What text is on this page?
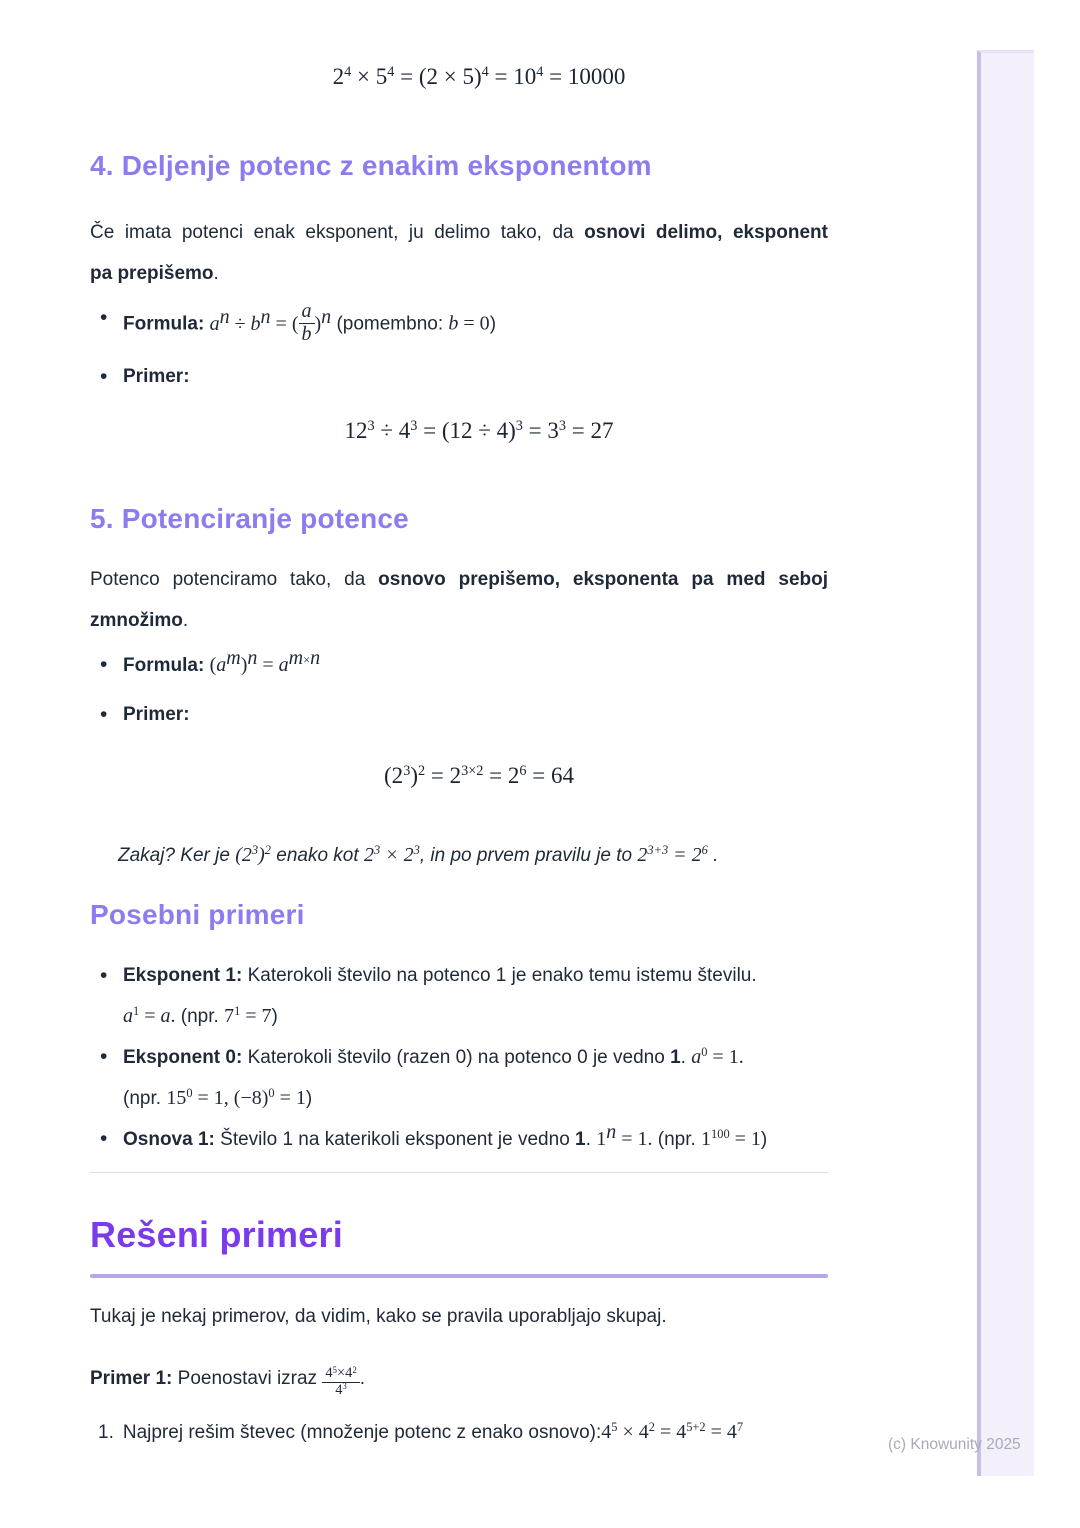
$2^4 \times 5^4 = (2 \times 5)^4 = 10^4 = 10000$
4. Deljenje potenc z enakim eksponentom
Če imata potenci enak eksponent, ju delimo tako, da osnovi delimo, eksponent
pa prepišemo.
• Formula: $a^n \div b^n$ = ( $\frac{a}{b} )^n$ (pomembno: b = 0)
• Primer:
$12^3 \div 4^3 = (12 \div 4)^3 = 3^3 = 27$
5. Potenciranje potence
Potenco potenciramo tako, da osnovo prepišemo, eksponenta pa med seboj
zmnožimo.
• Formula: $(a^m)^n = a^{m\times n}$
• Primer:
$(2^3)^2 = 2^{3\times 2} = 2^6 = 64$
Zakaj? Ker je $(2^3)^2$ enako kot $2^3 \times 2^3$, in po prvem pravilu je to $2^{3+3} = 2^6$ .
Posebni primeri
• Eksponent 1: Katerokoli število na potenco 1 je enako temu istemu številu.
$a^1 = a$. (npr. $7^1 = 7$)
• Eksponent 0: Katerokoli število (razen 0) na potenco 0 je vedno 1. $a^0 = 1$.
(npr. $15^0 = 1$, $(-8)^0 = 1$)
• Osnova 1: Število 1 na katerikoli eksponent je vedno 1. $1^n = 1$. (npr. $1^{100} = 1$)
Rešeni primeri
Tukaj je nekaj primerov, da vidim, kako se pravila uporabljajo skupaj.
Primer 1: Poenostavi izraz $\frac{4^5\times 4^2}{4^3}$ .
1. Najprej rešim števec (množenje potenc z enako $osnovo):4^5 \times 4^2 = 4^{5+2} = 4^7$
(c) Knowunity 2025
